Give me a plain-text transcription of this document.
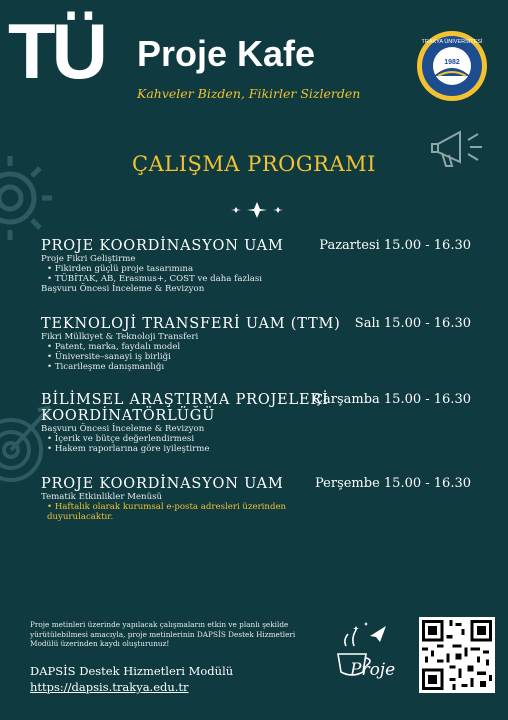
TÜ Proje Kafe
Kahveler Bizden, Fikirler Sizlerden
TRAKYA ÜNİVERSİTESİ
1982
ÇALIŞMA PROGRAMI
PROJE KOORDİNASYON UAM	Pazartesi 15.00 - 16.30
Proje Fikri Geliştirme
• Fikirden güçlü proje tasarımına
• TÜBİTAK, AB, Erasmus+, COST ve daha fazlası
Başvuru Öncesi İnceleme & Revizyon
TEKNOLOJİ TRANSFERİ UAM (TTM)	Salı 15.00 - 16.30
Fikri Mülkiyet & Teknoloji Transferi
• Patent, marka, faydalı model
• Üniversite–sanayi iş birliği
• Ticarileşme danışmanlığı
BİLİMSEL ARAŞTIRMA PROJELERİ
KOORDİNATÖRLÜĞÜ
Çarşamba 15.00 - 16.30
Başvuru Öncesi İnceleme & Revizyon
• İçerik ve bütçe değerlendirmesi
• Hakem raporlarına göre iyileştirme
PROJE KOORDİNASYON UAM	Perşembe 15.00 - 16.30
Tematik Etkinlikler Menüsü
• Haftalık olarak kurumsal e-posta adresleri üzerinden duyurulacaktır.
Proje metinleri üzerinde yapılacak çalışmaların etkin ve planlı şekilde yürütülebilmesi amacıyla, proje metinlerinin DAPSİS Destek Hizmetleri Modülü üzerinden kaydı oluşturunuz!
DAPSİS Destek Hizmetleri Modülü
https://dapsis.trakya.edu.tr
Proje
